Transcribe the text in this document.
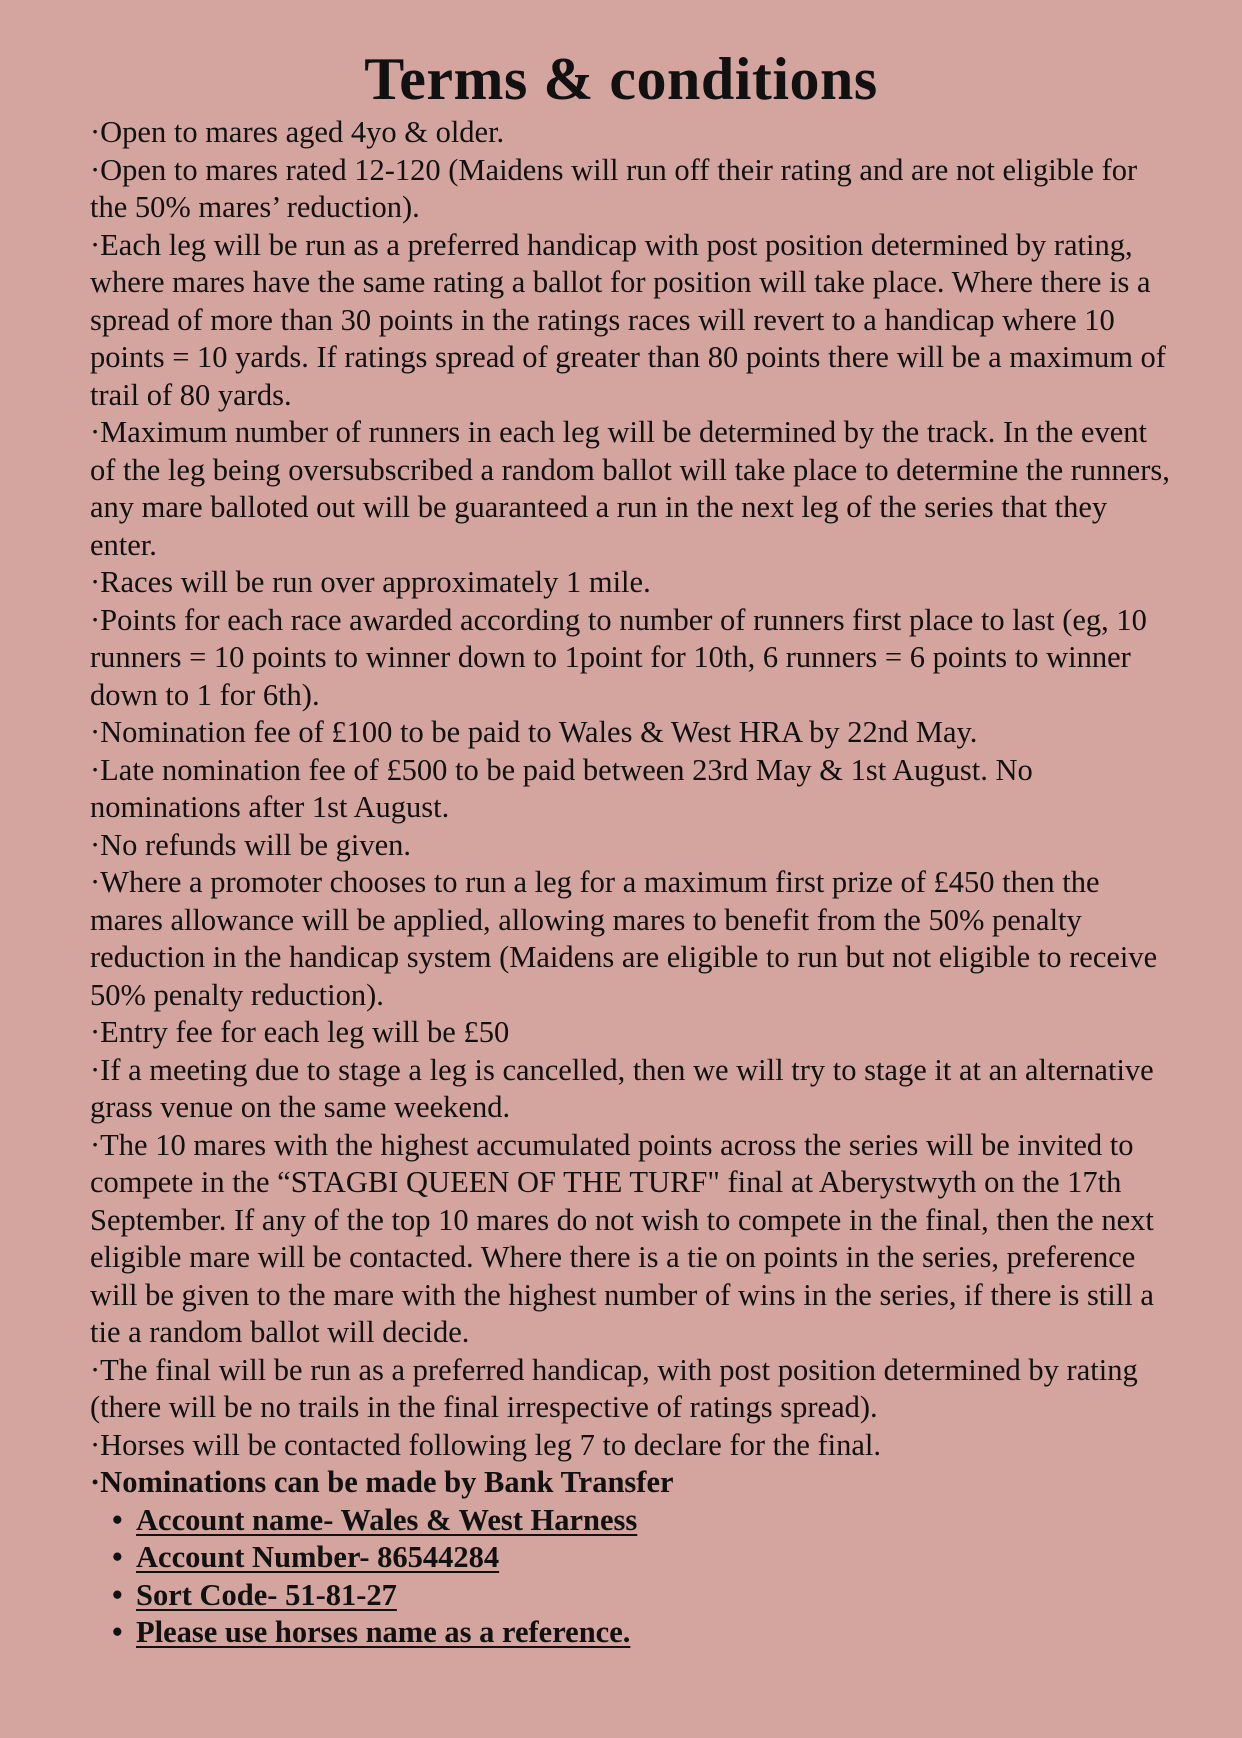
Terms & conditions

·Open to mares aged 4yo & older.

·Open to mares rated 12-120 (Maidens will run off their rating and are not eligible for the 50% mares’ reduction).

·Each leg will be run as a preferred handicap with post position determined by rating, where mares have the same rating a ballot for position will take place. Where there is a spread of more than 30 points in the ratings races will revert to a handicap where 10 points = 10 yards. If ratings spread of greater than 80 points there will be a maximum of trail of 80 yards.

·Maximum number of runners in each leg will be determined by the track. In the event of the leg being oversubscribed a random ballot will take place to determine the runners, any mare balloted out will be guaranteed a run in the next leg of the series that they enter.

·Races will be run over approximately 1 mile.

·Points for each race awarded according to number of runners first place to last (eg, 10 runners = 10 points to winner down to 1point for 10th, 6 runners = 6 points to winner down to 1 for 6th).

·Nomination fee of £100 to be paid to Wales & West HRA by 22nd May.

·Late nomination fee of £500 to be paid between 23rd May & 1st August. No nominations after 1st August.

·No refunds will be given.

·Where a promoter chooses to run a leg for a maximum first prize of £450 then the mares allowance will be applied, allowing mares to benefit from the 50% penalty reduction in the handicap system (Maidens are eligible to run but not eligible to receive 50% penalty reduction).

·Entry fee for each leg will be £50

·If a meeting due to stage a leg is cancelled, then we will try to stage it at an alternative grass venue on the same weekend.

·The 10 mares with the highest accumulated points across the series will be invited to compete in the “STAGBI QUEEN OF THE TURF" final at Aberystwyth on the 17th September. If any of the top 10 mares do not wish to compete in the final, then the next eligible mare will be contacted. Where there is a tie on points in the series, preference will be given to the mare with the highest number of wins in the series, if there is still a tie a random ballot will decide.

·The final will be run as a preferred handicap, with post position determined by rating (there will be no trails in the final irrespective of ratings spread).

·Horses will be contacted following leg 7 to declare for the final.

·Nominations can be made by Bank Transfer

• Account name- Wales & West Harness
• Account Number- 86544284
• Sort Code- 51-81-27
• Please use horses name as a reference.
